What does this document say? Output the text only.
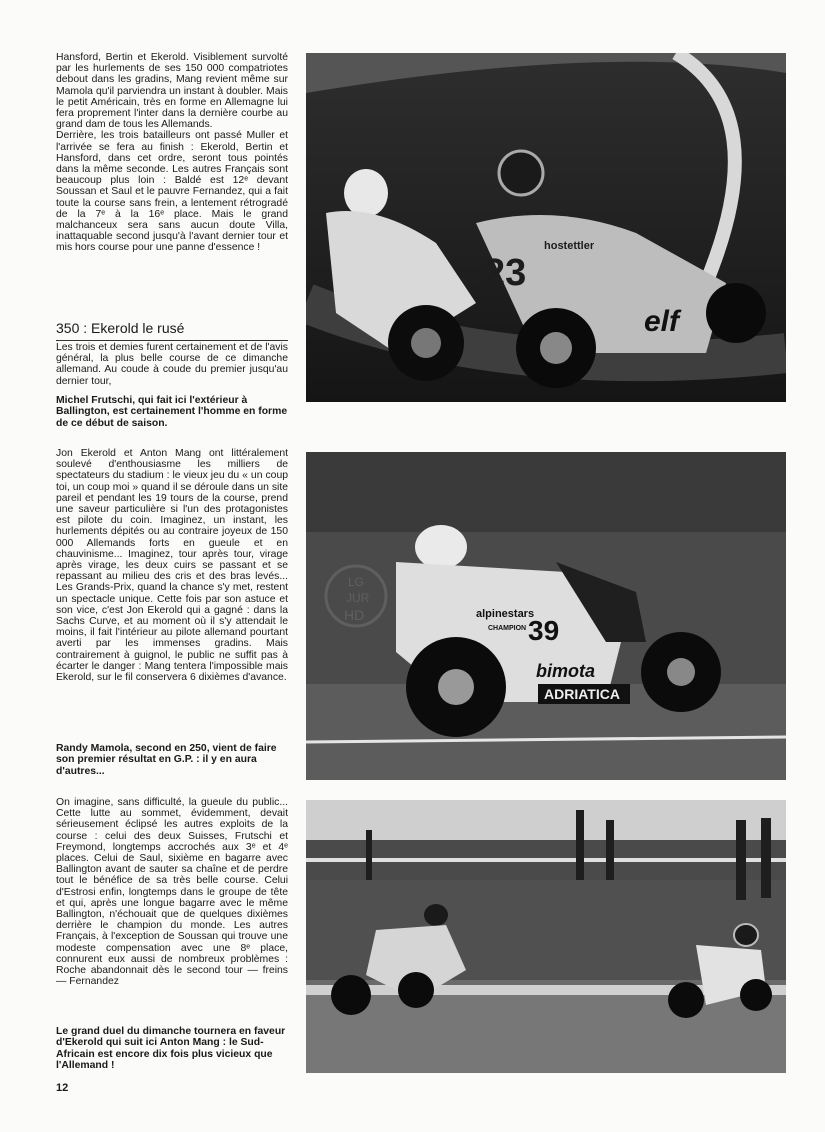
Hansford, Bertin et Ekerold. Visiblement survolté par les hurlements de ses 150 000 compatriotes debout dans les gradins, Mang revient même sur Mamola qu'il parviendra un instant à doubler. Mais le petit Américain, très en forme en Allemagne lui fera proprement l'inter dans la dernière courbe au grand dam de tous les Allemands.

Derrière, les trois batailleurs ont passé Muller et l'arrivée se fera au finish : Ekerold, Bertin et Hansford, dans cet ordre, seront tous pointés dans la même seconde. Les autres Français sont beaucoup plus loin : Baldé est 12ᵉ devant Soussan et Saul et le pauvre Fernandez, qui a fait toute la course sans frein, a lentement rétrogradé de la 7ᵉ à la 16ᵉ place. Mais le grand malchanceux sera sans aucun doute Villa, inattaquable second jusqu'à l'avant dernier tour et mis hors course pour une panne d'essence !

350 : Ekerold le rusé

Les trois et demies furent certainement et de l'avis général, la plus belle course de ce dimanche allemand. Au coude à coude du premier jusqu'au dernier tour,

Michel Frutschi, qui fait ici l'extérieur à Ballington, est certainement l'homme en forme de ce début de saison.

Jon Ekerold et Anton Mang ont littéralement soulevé d'enthousiasme les milliers de spectateurs du stadium : le vieux jeu du « un coup toi, un coup moi » quand il se déroule dans un site pareil et pendant les 19 tours de la course, prend une saveur particulière si l'un des protagonistes est pilote du coin. Imaginez, un instant, les hurlements dépités ou au contraire joyeux de 150 000 Allemands forts en gueule et en chauvinisme... Imaginez, tour après tour, virage après virage, les deux cuirs se passant et se repassant au milieu des cris et des bras levés... Les Grands-Prix, quand la chance s'y met, restent un spectacle unique. Cette fois par son astuce et son vice, c'est Jon Ekerold qui a gagné : dans la Sachs Curve, et au moment où il s'y attendait le moins, il fait l'intérieur au pilote allemand pourtant averti par les immenses gradins. Mais contrairement à guignol, le public ne suffit pas à écarter le danger : Mang tentera l'impossible mais Ekerold, sur le fil conservera 6 dixièmes d'avance.

Randy Mamola, second en 250, vient de faire son premier résultat en G.P. : il y en aura d'autres...

On imagine, sans difficulté, la gueule du public... Cette lutte au sommet, évidemment, devait sérieusement éclipsé les autres exploits de la course : celui des deux Suisses, Frutschi et Freymond, longtemps accrochés aux 3ᵉ et 4ᵉ places. Celui de Saul, sixième en bagarre avec Ballington avant de sauter sa chaîne et de perdre tout le bénéfice de sa très belle course. Celui d'Estrosi enfin, longtemps dans le groupe de tête et qui, après une longue bagarre avec le même Ballington, n'échouait que de quelques dixièmes derrière le champion du monde. Les autres Français, à l'exception de Soussan qui trouve une modeste compensation avec une 8ᵉ place, connurent eux aussi de nombreux problèmes : Roche abandonnait dès le second tour — freins — Fernandez

Le grand duel du dimanche tournera en faveur d'Ekerold qui suit ici Anton Mang : le Sud-Africain est encore dix fois plus vicieux que l'Allemand !
12
23
hostettler
elf
39
alpinestars
CHAMPION
bimota
ADRIATICA
LG
JUR
HD
